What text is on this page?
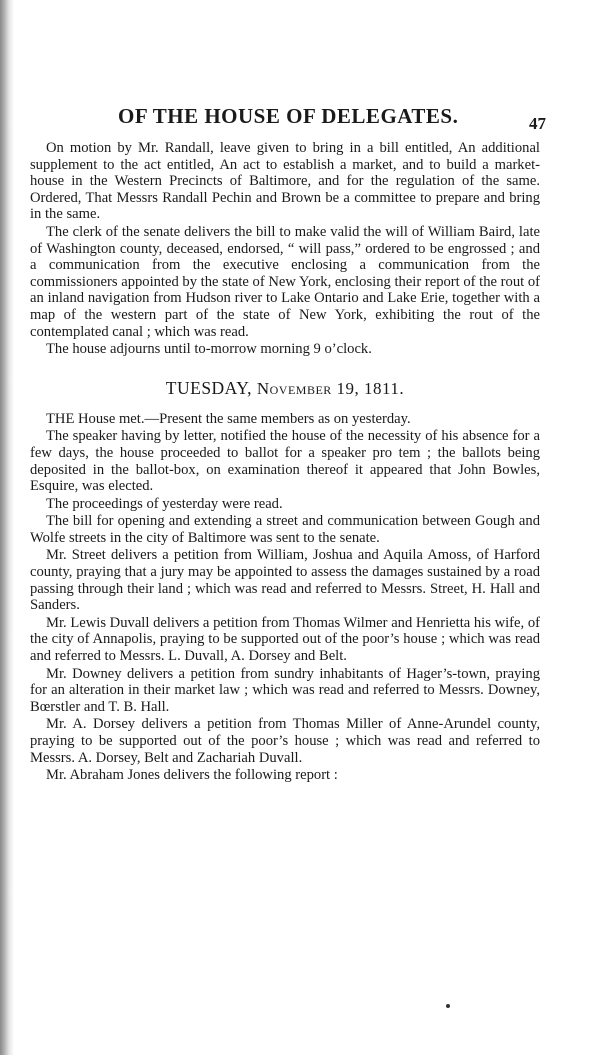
OF THE HOUSE OF DELEGATES.	47

On motion by Mr. Randall, leave given to bring in a bill entitled, An additional supplement to the act entitled, An act to establish a market, and to build a market-house in the Western Precincts of Baltimore, and for the regulation of the same. Ordered, That Messrs Randall Pechin and Brown be a committee to prepare and bring in the same.

The clerk of the senate delivers the bill to make valid the will of William Baird, late of Washington county, deceased, endorsed, “ will pass,” ordered to be engrossed ; and a communication from the executive enclosing a communication from the commissioners appointed by the state of New York, enclosing their report of the rout of an inland navigation from Hudson river to Lake Ontario and Lake Erie, together with a map of the western part of the state of New York, exhibiting the rout of the contemplated canal ; which was read.

The house adjourns until to-morrow morning 9 o’clock.

TUESDAY, November 19, 1811.

THE House met.—Present the same members as on yesterday.

The speaker having by letter, notified the house of the necessity of his absence for a few days, the house proceeded to ballot for a speaker pro tem ; the ballots being deposited in the ballot-box, on examination thereof it appeared that John Bowles, Esquire, was elected.

The proceedings of yesterday were read.

The bill for opening and extending a street and communication between Gough and Wolfe streets in the city of Baltimore was sent to the senate.

Mr. Street delivers a petition from William, Joshua and Aquila Amoss, of Harford county, praying that a jury may be appointed to assess the damages sustained by a road passing through their land ; which was read and referred to Messrs. Street, H. Hall and Sanders.

Mr. Lewis Duvall delivers a petition from Thomas Wilmer and Henrietta his wife, of the city of Annapolis, praying to be supported out of the poor’s house ; which was read and referred to Messrs. L. Duvall, A. Dorsey and Belt.

Mr. Downey delivers a petition from sundry inhabitants of Hager’s-town, praying for an alteration in their market law ; which was read and referred to Messrs. Downey, Bœrstler and T. B. Hall.

Mr. A. Dorsey delivers a petition from Thomas Miller of Anne-Arundel county, praying to be supported out of the poor’s house ; which was read and referred to Messrs. A. Dorsey, Belt and Zachariah Duvall.

Mr. Abraham Jones delivers the following report :
